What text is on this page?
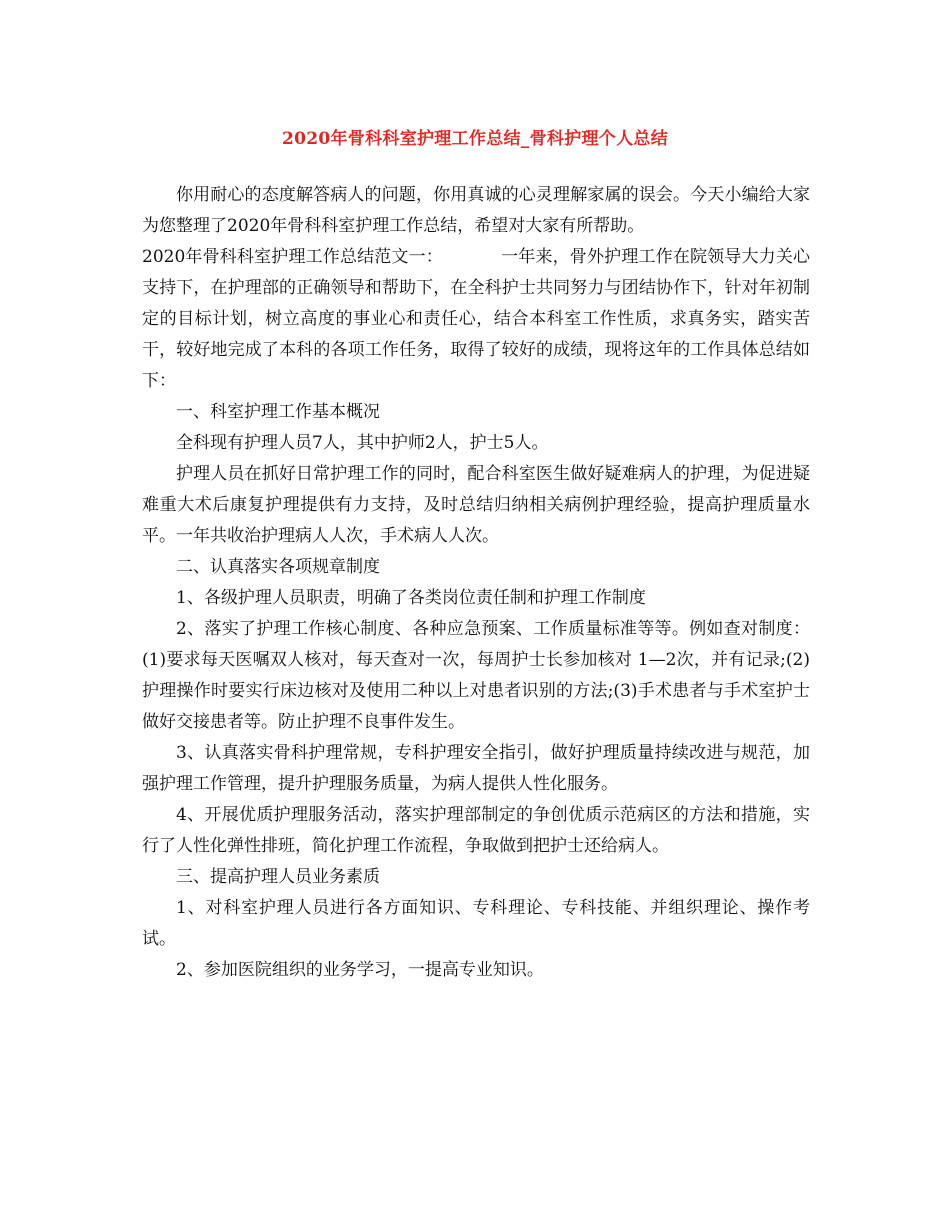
2020年骨科科室护理工作总结_骨科护理个人总结

你用耐心的态度解答病人的问题，你用真诚的心灵理解家属的误会。今天小编给大家为您整理了2020年骨科科室护理工作总结，希望对大家有所帮助。

2020年骨科科室护理工作总结范文一：	一年来，骨外护理工作在院领导大力关心支持下，在护理部的正确领导和帮助下，在全科护士共同努力与团结协作下，针对年初制定的目标计划，树立高度的事业心和责任心，结合本科室工作性质，求真务实，踏实苦干，较好地完成了本科的各项工作任务，取得了较好的成绩，现将这年的工作具体总结如下：

一、科室护理工作基本概况

全科现有护理人员7人，其中护师2人，护士5人。

护理人员在抓好日常护理工作的同时，配合科室医生做好疑难病人的护理，为促进疑难重大术后康复护理提供有力支持，及时总结归纳相关病例护理经验，提高护理质量水平。一年共收治护理病人人次，手术病人人次。

二、认真落实各项规章制度

1、各级护理人员职责，明确了各类岗位责任制和护理工作制度

2、落实了护理工作核心制度、各种应急预案、工作质量标准等等。例如查对制度：(1)要求每天医嘱双人核对，每天查对一次，每周护士长参加核对 1—2次，并有记录;(2)护理操作时要实行床边核对及使用二种以上对患者识别的方法;(3)手术患者与手术室护士做好交接患者等。防止护理不良事件发生。

3、认真落实骨科护理常规，专科护理安全指引，做好护理质量持续改进与规范，加强护理工作管理，提升护理服务质量，为病人提供人性化服务。

4、开展优质护理服务活动，落实护理部制定的争创优质示范病区的方法和措施，实行了人性化弹性排班，简化护理工作流程，争取做到把护士还给病人。

三、提高护理人员业务素质

1、对科室护理人员进行各方面知识、专科理论、专科技能、并组织理论、操作考试。

2、参加医院组织的业务学习，一提高专业知识。
